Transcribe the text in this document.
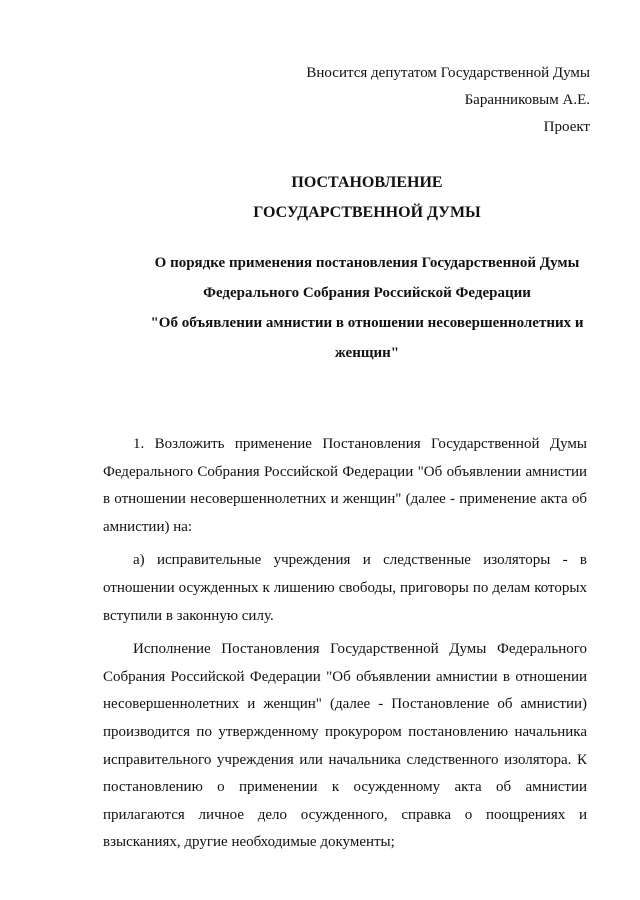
Вносится депутатом Государственной Думы
Баранниковым А.Е.
Проект
ПОСТАНОВЛЕНИЕ
ГОСУДАРСТВЕННОЙ ДУМЫ
О порядке применения постановления Государственной Думы
Федерального Собрания Российской Федерации
"Об объявлении амнистии в отношении несовершеннолетних и
женщин"

1. Возложить применение Постановления Государственной Думы Федерального Собрания Российской Федерации "Об объявлении амнистии в отношении несовершеннолетних и женщин" (далее - применение акта об амнистии) на:

а) исправительные учреждения и следственные изоляторы - в отношении осужденных к лишению свободы, приговоры по делам которых вступили в законную силу.

Исполнение Постановления Государственной Думы Федерального Собрания Российской Федерации "Об объявлении амнистии в отношении несовершеннолетних и женщин" (далее - Постановление об амнистии) производится по утвержденному прокурором постановлению начальника исправительного учреждения или начальника следственного изолятора. К постановлению о применении к осужденному акта об амнистии прилагаются личное дело осужденного, справка о поощрениях и взысканиях, другие необходимые документы;
